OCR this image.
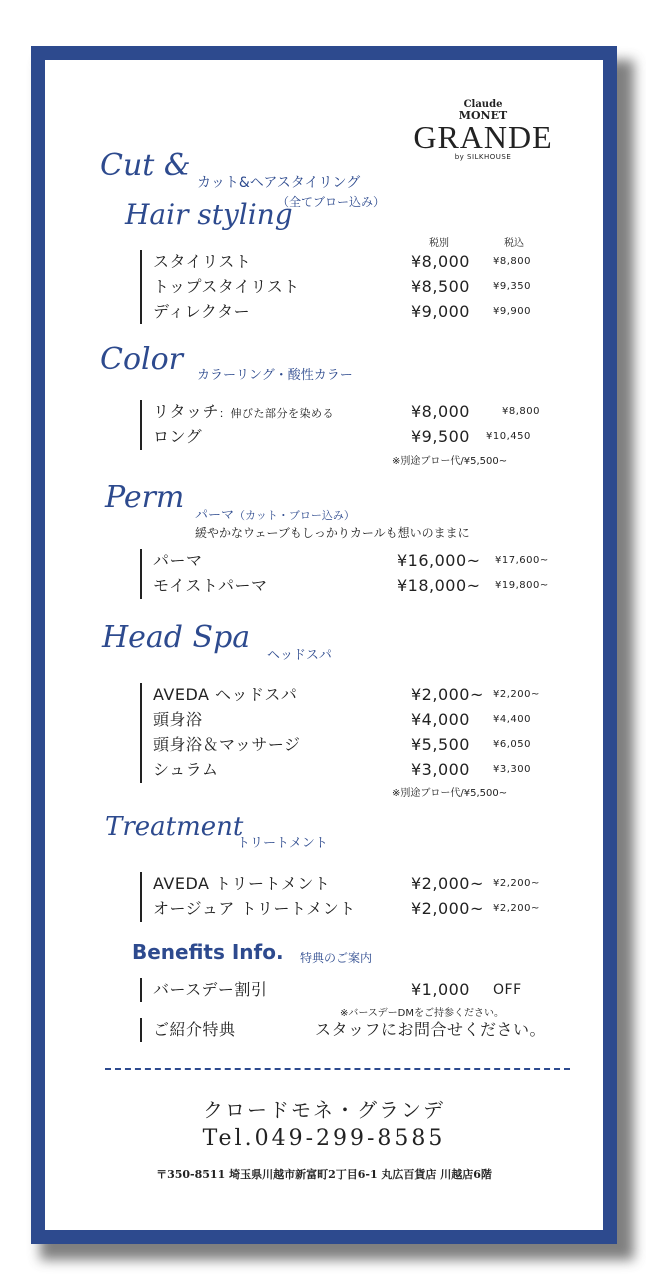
Claude
MONET
GRANDE
by SILKHOUSE
Cut &
Hair styling
カット&ヘアスタイリング
（全てブロー込み）
税別	税込
スタイリスト	¥8,000 ¥8,800
トップスタイリスト	¥8,500 ¥9,350
ディレクター	¥9,000 ¥9,900
Color カラーリング・酸性カラー
リタッチ：伸びた部分を染める	¥8,000	¥8,800
ロング	¥9,500 ¥10,450
※別途ブロー代/¥5,500~
Perm
パーマ（カット・ブロー込み）
緩やかなウェーブもしっかりカールも想いのままに
パーマ	¥16,000~ ¥17,600~
モイストパーマ	¥18,000~ ¥19,800~
Head Spa
ヘッドスパ
AVEDA ヘッドスパ	¥2,000~ ¥2,200~
頭身浴	¥4,000 ¥4,400
頭身浴＆マッサージ	¥5,500 ¥6,050
シュラム	¥3,000 ¥3,300
※別途ブロー代/¥5,500~
Treatment
トリートメント
AVEDA トリートメント	¥2,000~ ¥2,200~
オージュア トリートメント	¥2,000~ ¥2,200~
Benefits Info. 特典のご案内
バースデー割引	¥1,000 OFF
※バースデーDMをご持参ください。
ご紹介特典	スタッフにお問合せください。
クロードモネ・グランデ
Tel.049-299-8585
〒350-8511 埼玉県川越市新富町2丁目6-1 丸広百貨店 川越店6階
